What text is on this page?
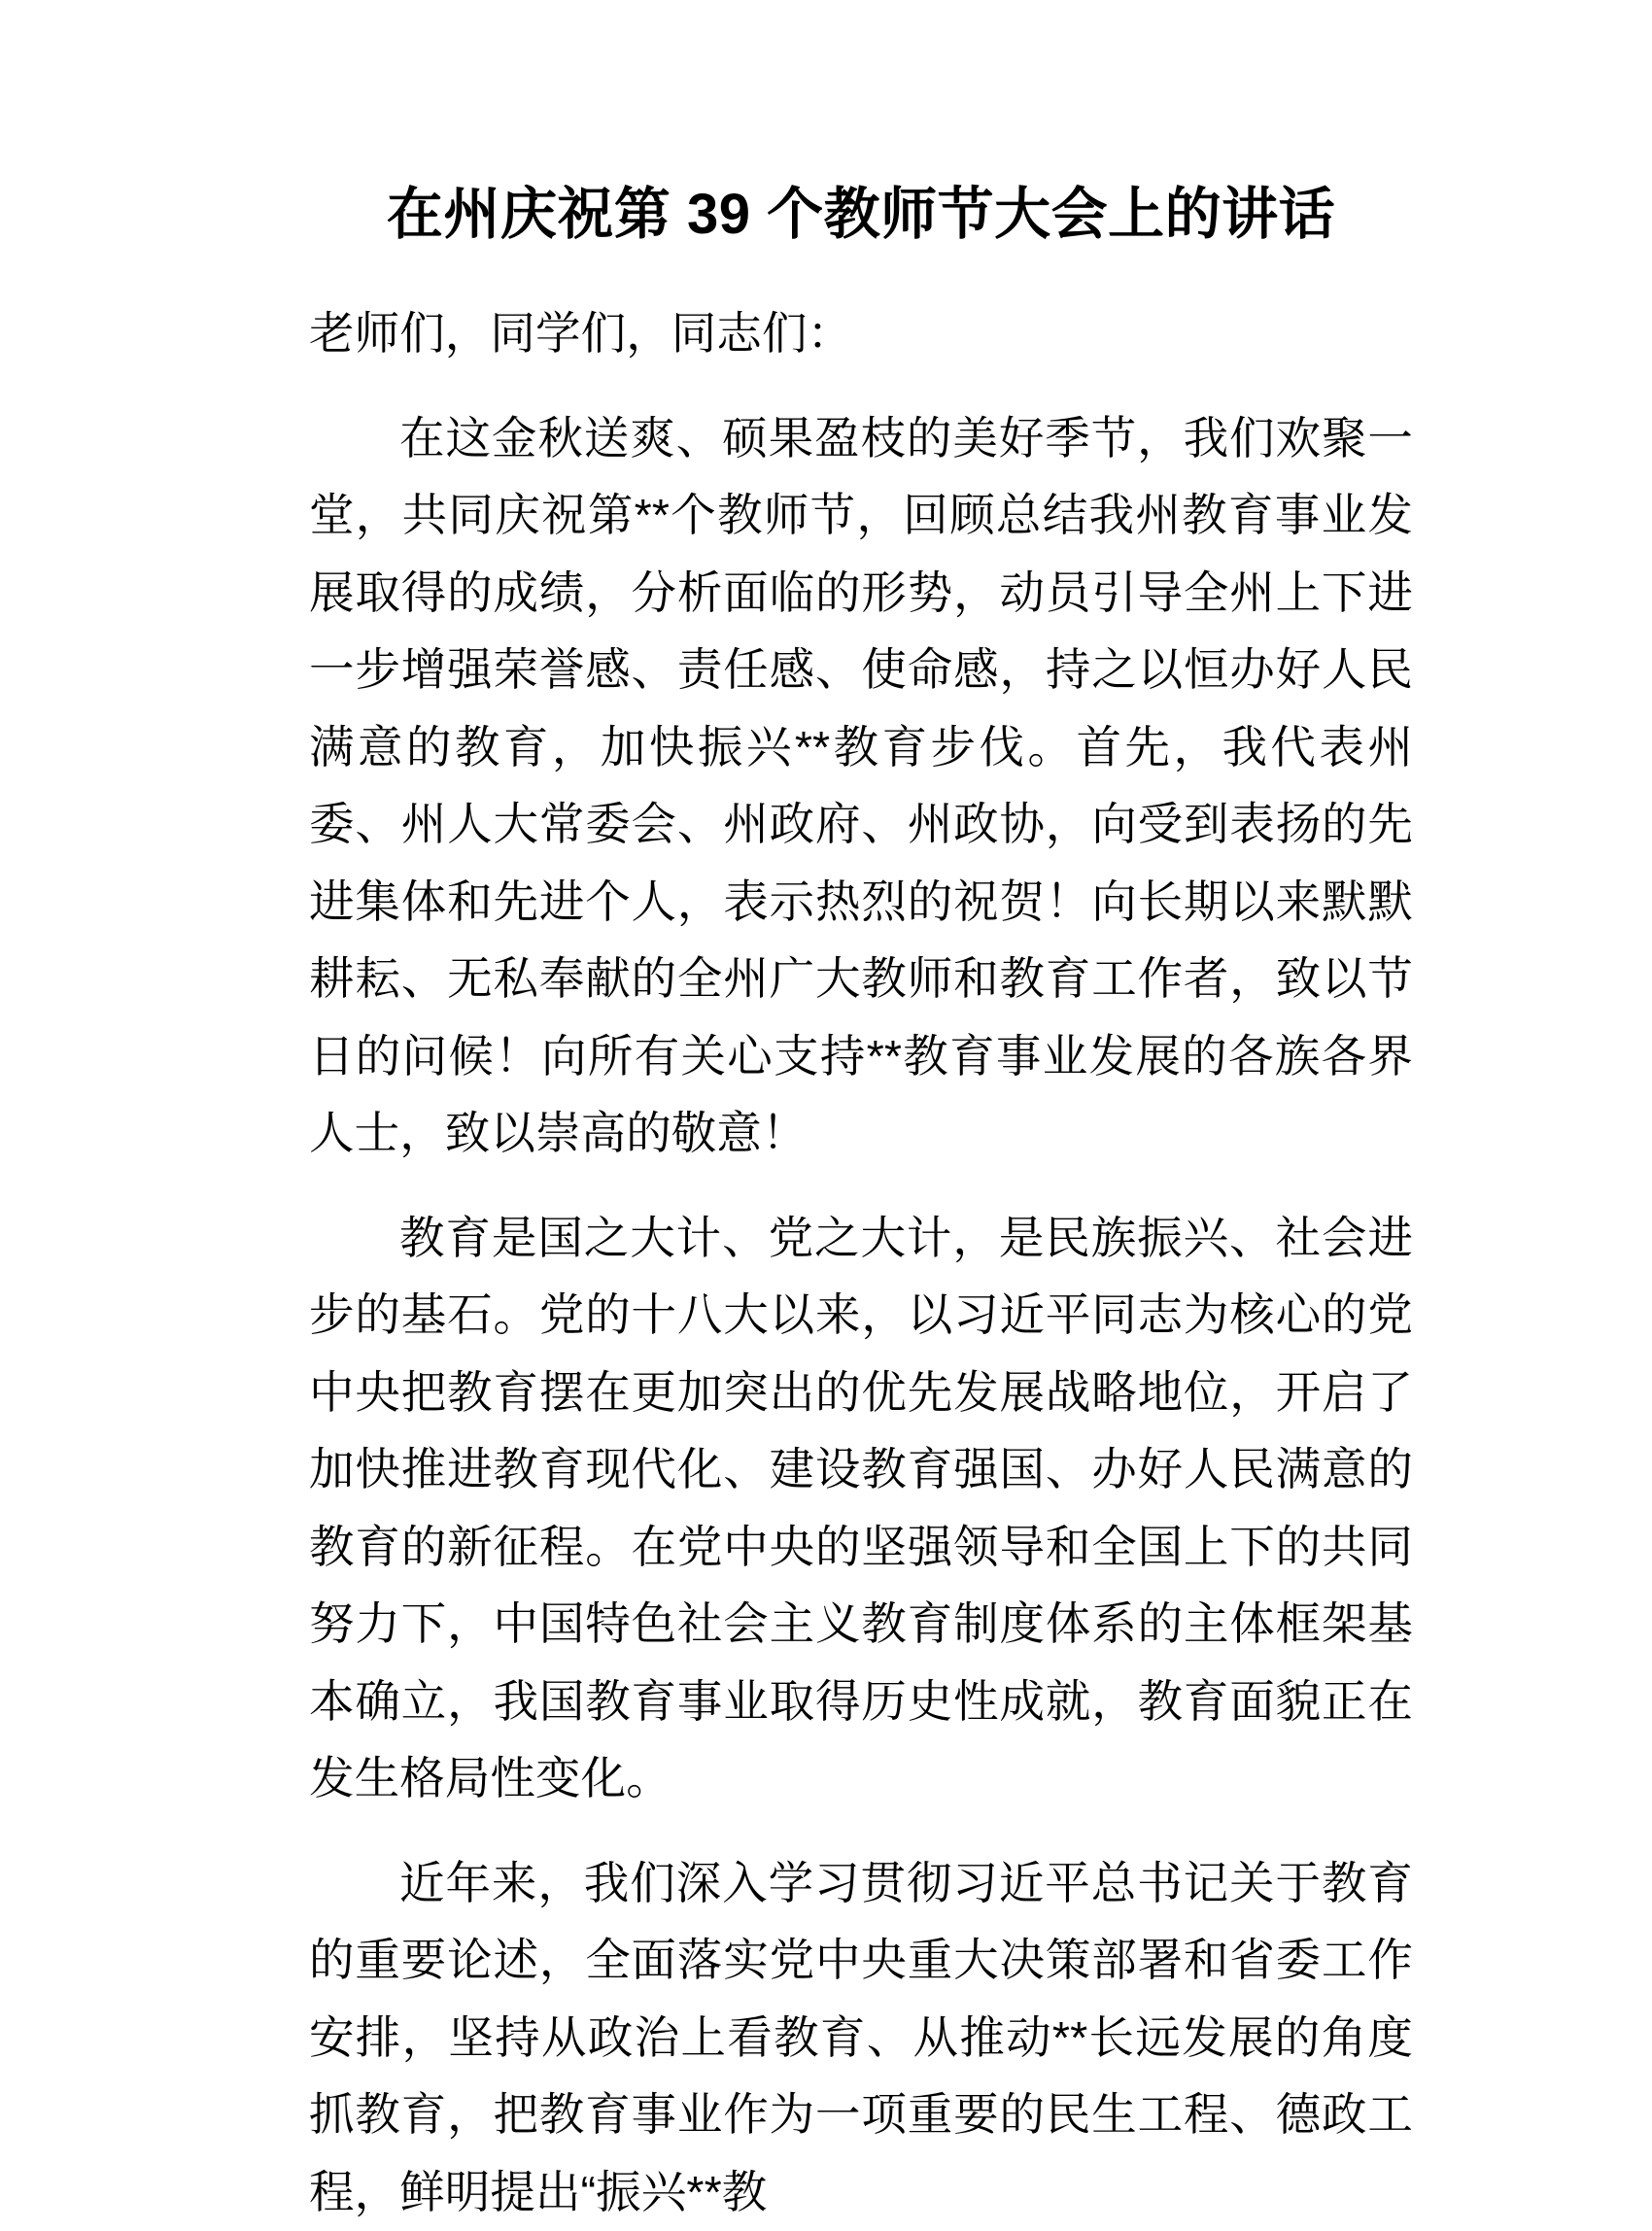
在州庆祝第 39 个教师节大会上的讲话

老师们，同学们，同志们：

在这金秋送爽、硕果盈枝的美好季节，我们欢聚一堂，共同庆祝第**个教师节，回顾总结我州教育事业发展取得的成绩，分析面临的形势，动员引导全州上下进一步增强荣誉感、责任感、使命感，持之以恒办好人民满意的教育，加快振兴**教育步伐。首先，我代表州委、州人大常委会、州政府、州政协，向受到表扬的先进集体和先进个人，表示热烈的祝贺！向长期以来默默耕耘、无私奉献的全州广大教师和教育工作者，致以节日的问候！向所有关心支持**教育事业发展的各族各界人士，致以崇高的敬意！

教育是国之大计、党之大计，是民族振兴、社会进步的基石。党的十八大以来，以习近平同志为核心的党中央把教育摆在更加突出的优先发展战略地位，开启了加快推进教育现代化、建设教育强国、办好人民满意的教育的新征程。在党中央的坚强领导和全国上下的共同努力下，中国特色社会主义教育制度体系的主体框架基本确立，我国教育事业取得历史性成就，教育面貌正在发生格局性变化。

近年来，我们深入学习贯彻习近平总书记关于教育的重要论述，全面落实党中央重大决策部署和省委工作安排，坚持从政治上看教育、从推动**长远发展的角度抓教育，把教育事业作为一项重要的民生工程、德政工程，鲜明提出“振兴**教
